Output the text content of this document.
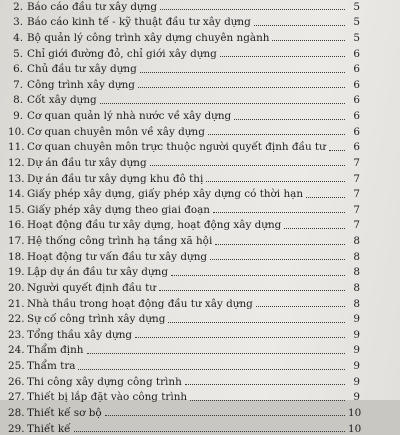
2. Báo cáo đầu tư xây dựng	5
3. Báo cáo kinh tế - kỹ thuật đầu tư xây dựng	5
4. Bộ quản lý công trình xây dựng chuyên ngành	5
5. Chỉ giới đường đỏ, chỉ giới xây dựng	6
6. Chủ đầu tư xây dựng	6
7. Công trình xây dựng	6
8. Cốt xây dựng	6
9. Cơ quan quản lý nhà nước về xây dựng	6
10. Cơ quan chuyên môn về xây dựng	6
11. Cơ quan chuyên môn trực thuộc người quyết định đầu tư	6
12. Dự án đầu tư xây dựng	7
13. Dự án đầu tư xây dựng khu đô thị	7
14. Giấy phép xây dựng, giấy phép xây dựng có thời hạn	7
15. Giấy phép xây dựng theo giai đoạn	7
16. Hoạt động đầu tư xây dựng, hoạt động xây dựng	7
17. Hệ thống công trình hạ tầng xã hội	8
18. Hoạt động tư vấn đầu tư xây dựng	8
19. Lập dự án đầu tư xây dựng	8
20. Người quyết định đầu tư	8
21. Nhà thầu trong hoạt động đầu tư xây dựng	8
22. Sự cố công trình xây dựng	9
23. Tổng thầu xây dựng	9
24. Thẩm định	9
25. Thẩm tra	9
26. Thi công xây dựng công trình	9
27. Thiết bị lắp đặt vào công trình	9
28. Thiết kế sơ bộ	10
29. Thiết kế	10
